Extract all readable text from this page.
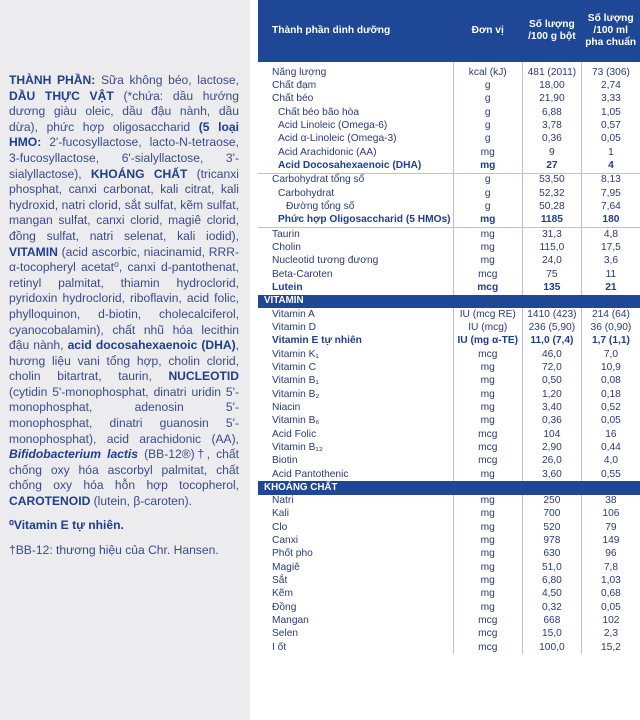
THÀNH PHẦN: Sữa không béo, lactose, DẦU THỰC VẬT (*chứa: dầu hướng dương giàu oleic, dầu đậu nành, dầu dừa), phức hợp oligosaccharid (5 loại HMO: 2'-fucosyllactose, lacto-N-tetraose, 3-fucosyllactose, 6'-sialyllactose, 3'-sialyllactose), KHOÁNG CHẤT (tricanxi phosphat, canxi carbonat, kali citrat, kali hydroxid, natri clorid, sắt sulfat, kẽm sulfat, mangan sulfat, canxi clorid, magiê clorid, đồng sulfat, natri selenat, kali iodid), VITAMIN (acid ascorbic, niacinamid, RRR-α-tocopheryl acetat⁰, canxi d-pantothenat, retinyl palmitat, thiamin hydroclorid, pyridoxin hydroclorid, riboflavin, acid folic, phylloquinon, d-biotin, cholecalciferol, cyanocobalamin), chất nhũ hóa lecithin đậu nành, acid docosahexaenoic (DHA), hương liệu vani tổng hợp, cholin clorid, cholin bitartrat, taurin, NUCLEOTID (cytidin 5'-monophosphat, dinatri uridin 5'-monophosphat, adenosin 5'-monophosphat, dinatri guanosin 5'-monophosphat), acid arachidonic (AA), Bifidobacterium lactis (BB-12®)†, chất chống oxy hóa ascorbyl palmitat, chất chống oxy hóa hỗn hợp tocopherol, CAROTENOID (lutein, β-caroten).
⁰Vitamin E tự nhiên.
†BB-12: thương hiệu của Chr. Hansen.
Thành phần dinh dưỡng	Đơn vị	Số lượng /100 g bột	Số lượng /100 ml pha chuẩn
Năng lượng	kcal (kJ)	481 (2011)	73 (306)
Chất đạm	g	18,00	2,74
Chất béo	g	21,90	3,33
Chất béo bão hòa	g	6,88	1,05
Acid Linoleic (Omega-6)	g	3,78	0,57
Acid α-Linoleic (Omega-3)	g	0,36	0,05
Acid Arachidonic (AA)	mg	9	1
Acid Docosahexaenoic (DHA)	mg	27	4
Carbohydrat tổng số	g	53,50	8,13
Carbohydrat	g	52,32	7,95
Đường tổng số	g	50,28	7,64
Phức hợp Oligosaccharid (5 HMOs)	mg	1185	180
Taurin	mg	31,3	4,8
Cholin	mg	115,0	17,5
Nucleotid tương đương	mg	24,0	3,6
Beta-Caroten	mcg	75	11
Lutein	mcg	135	21
VITAMIN			
Vitamin A	IU (mcg RE)	1410 (423)	214 (64)
Vitamin D	IU (mcg)	236 (5,90)	36 (0,90)
Vitamin E tự nhiên	IU (mg α-TE)	11,0 (7,4)	1,7 (1,1)
Vitamin K₁	mcg	46,0	7,0
Vitamin C	mg	72,0	10,9
Vitamin B₁	mg	0,50	0,08
Vitamin B₂	mg	1,20	0,18
Niacin	mg	3,40	0,52
Vitamin B₆	mg	0,36	0,05
Acid Folic	mcg	104	16
Vitamin B₁₂	mcg	2,90	0,44
Biotin	mcg	26,0	4,0
Acid Pantothenic	mg	3,60	0,55
KHOÁNG CHẤT			
Natri	mg	250	38
Kali	mg	700	106
Clo	mg	520	79
Canxi	mg	978	149
Phốt pho	mg	630	96
Magiê	mg	51,0	7,8
Sắt	mg	6,80	1,03
Kẽm	mg	4,50	0,68
Đồng	mg	0,32	0,05
Mangan	mcg	668	102
Selen	mcg	15,0	2,3
I ốt	mcg	100,0	15,2
